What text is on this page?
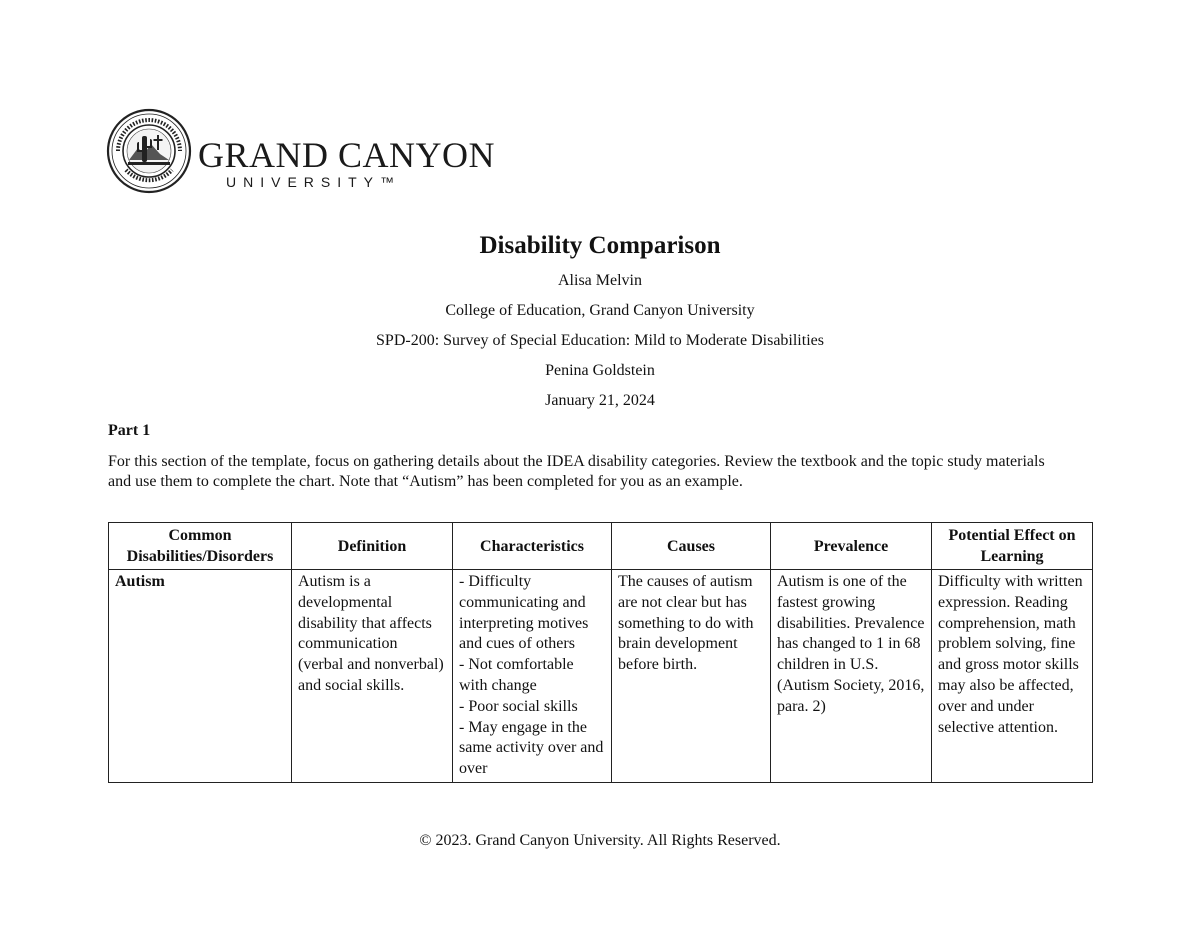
GRAND CANYON
UNIVERSITY™
Disability Comparison
Alisa Melvin
College of Education, Grand Canyon University
SPD-200: Survey of Special Education: Mild to Moderate Disabilities
Penina Goldstein
January 21, 2024
Part 1
For this section of the template, focus on gathering details about the IDEA disability categories. Review the textbook and the topic study materials and use them to complete the chart. Note that “Autism” has been completed for you as an example.
Common Disabilities/Disorders	Definition	Characteristics	Causes	Prevalence	Potential Effect on Learning
Autism	Autism is a developmental disability that affects communication (verbal and nonverbal) and social skills.	- Difficulty communicating and interpreting motives and cues of others
- Not comfortable with change
- Poor social skills
- May engage in the same activity over and over	The causes of autism are not clear but has something to do with brain development before birth.	Autism is one of the fastest growing disabilities. Prevalence has changed to 1 in 68 children in U.S. (Autism Society, 2016, para. 2)	Difficulty with written expression. Reading comprehension, math problem solving, fine and gross motor skills may also be affected, over and under selective attention.
© 2023. Grand Canyon University. All Rights Reserved.
